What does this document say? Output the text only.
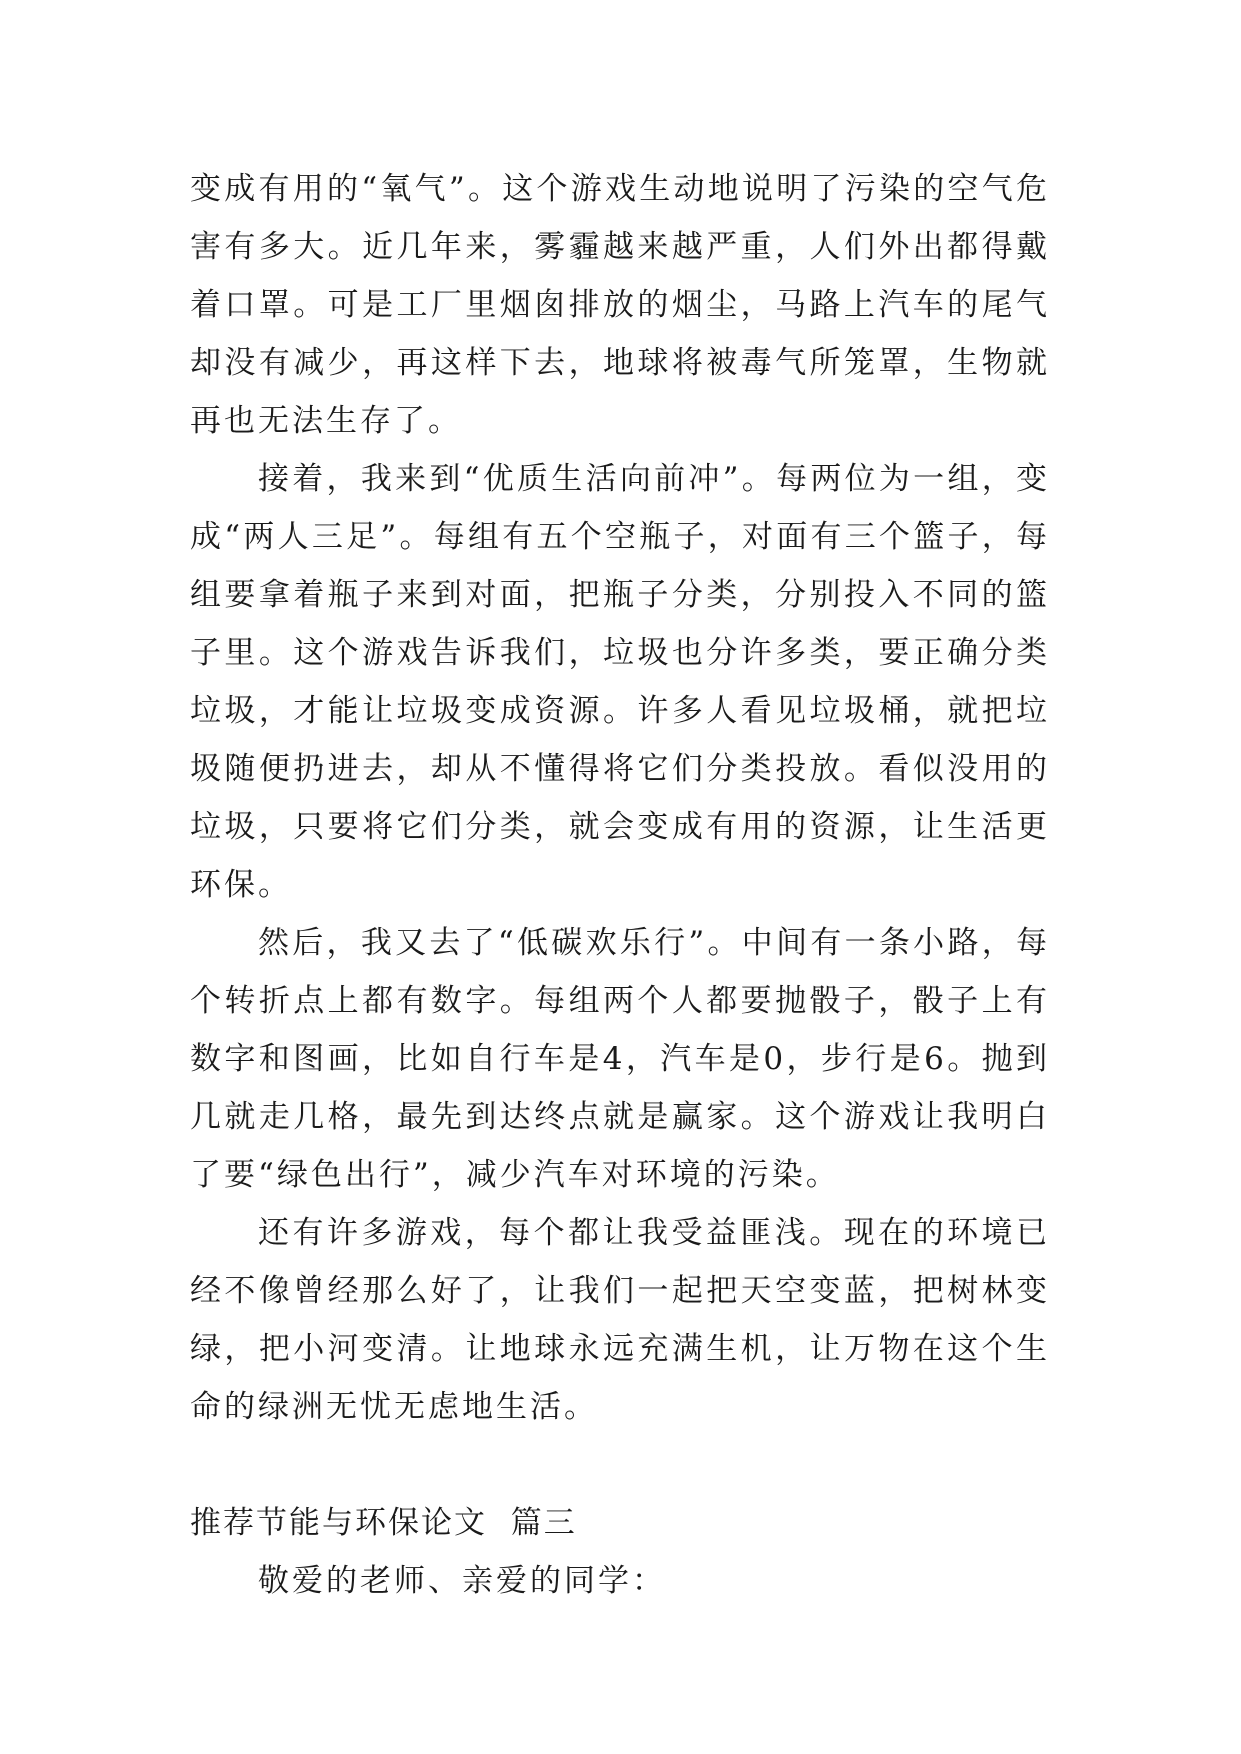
变成有用的“氧气”。这个游戏生动地说明了污染的空气危害有多大。近几年来，雾霾越来越严重，人们外出都得戴着口罩。可是工厂里烟囱排放的烟尘，马路上汽车的尾气却没有减少，再这样下去，地球将被毒气所笼罩，生物就再也无法生存了。

接着，我来到“优质生活向前冲”。每两位为一组，变成“两人三足”。每组有五个空瓶子，对面有三个篮子，每组要拿着瓶子来到对面，把瓶子分类，分别投入不同的篮子里。这个游戏告诉我们，垃圾也分许多类，要正确分类垃圾，才能让垃圾变成资源。许多人看见垃圾桶，就把垃圾随便扔进去，却从不懂得将它们分类投放。看似没用的垃圾，只要将它们分类，就会变成有用的资源，让生活更环保。

然后，我又去了“低碳欢乐行”。中间有一条小路，每个转折点上都有数字。每组两个人都要抛骰子，骰子上有数字和图画，比如自行车是4，汽车是0，步行是6。抛到几就走几格，最先到达终点就是赢家。这个游戏让我明白了要“绿色出行”，减少汽车对环境的污染。

还有许多游戏，每个都让我受益匪浅。现在的环境已经不像曾经那么好了，让我们一起把天空变蓝，把树林变绿，把小河变清。让地球永远充满生机，让万物在这个生命的绿洲无忧无虑地生活。

推荐节能与环保论文  篇三

敬爱的老师、亲爱的同学：
